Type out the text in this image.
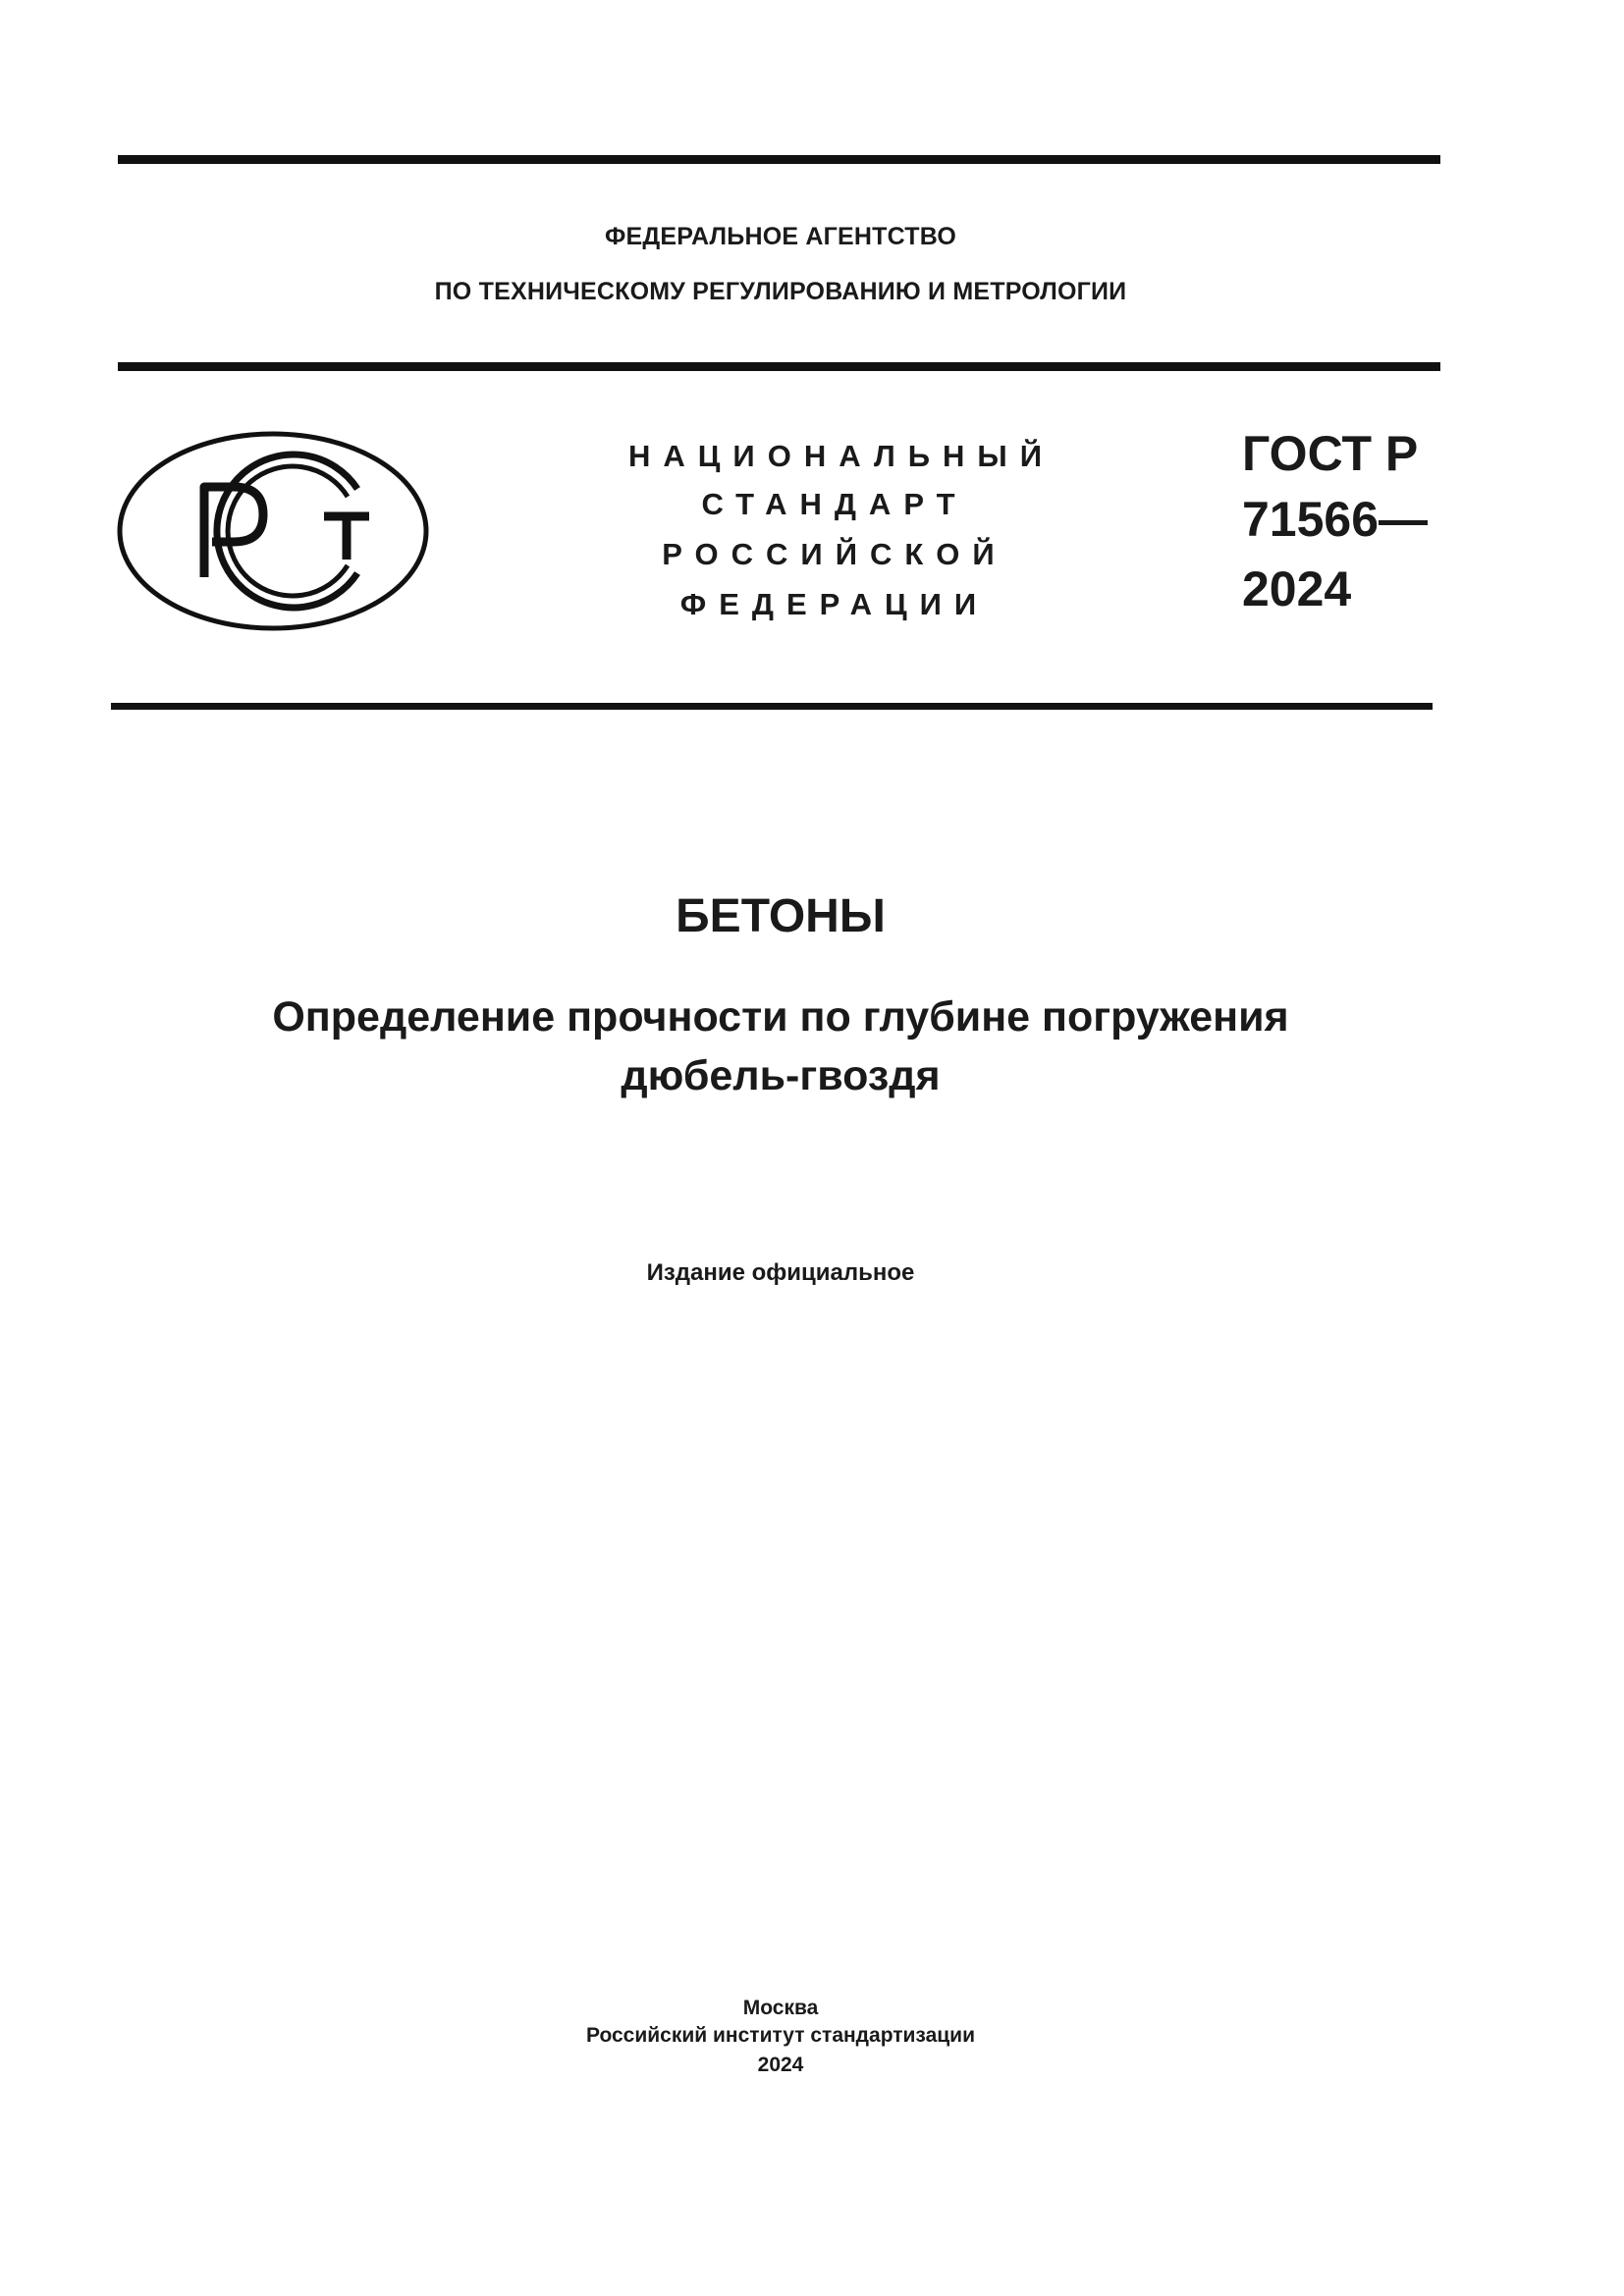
ФЕДЕРАЛЬНОЕ АГЕНТСТВО
ПО ТЕХНИЧЕСКОМУ РЕГУЛИРОВАНИЮ И МЕТРОЛОГИИ
НАЦИОНАЛЬНЫЙ
СТАНДАРТ
РОССИЙСКОЙ
ФЕДЕРАЦИИ
ГОСТ Р
71566—
2024
БЕТОНЫ
Определение прочности по глубине погружения
дюбель-гвоздя
Издание официальное
Москва
Российский институт стандартизации
2024
